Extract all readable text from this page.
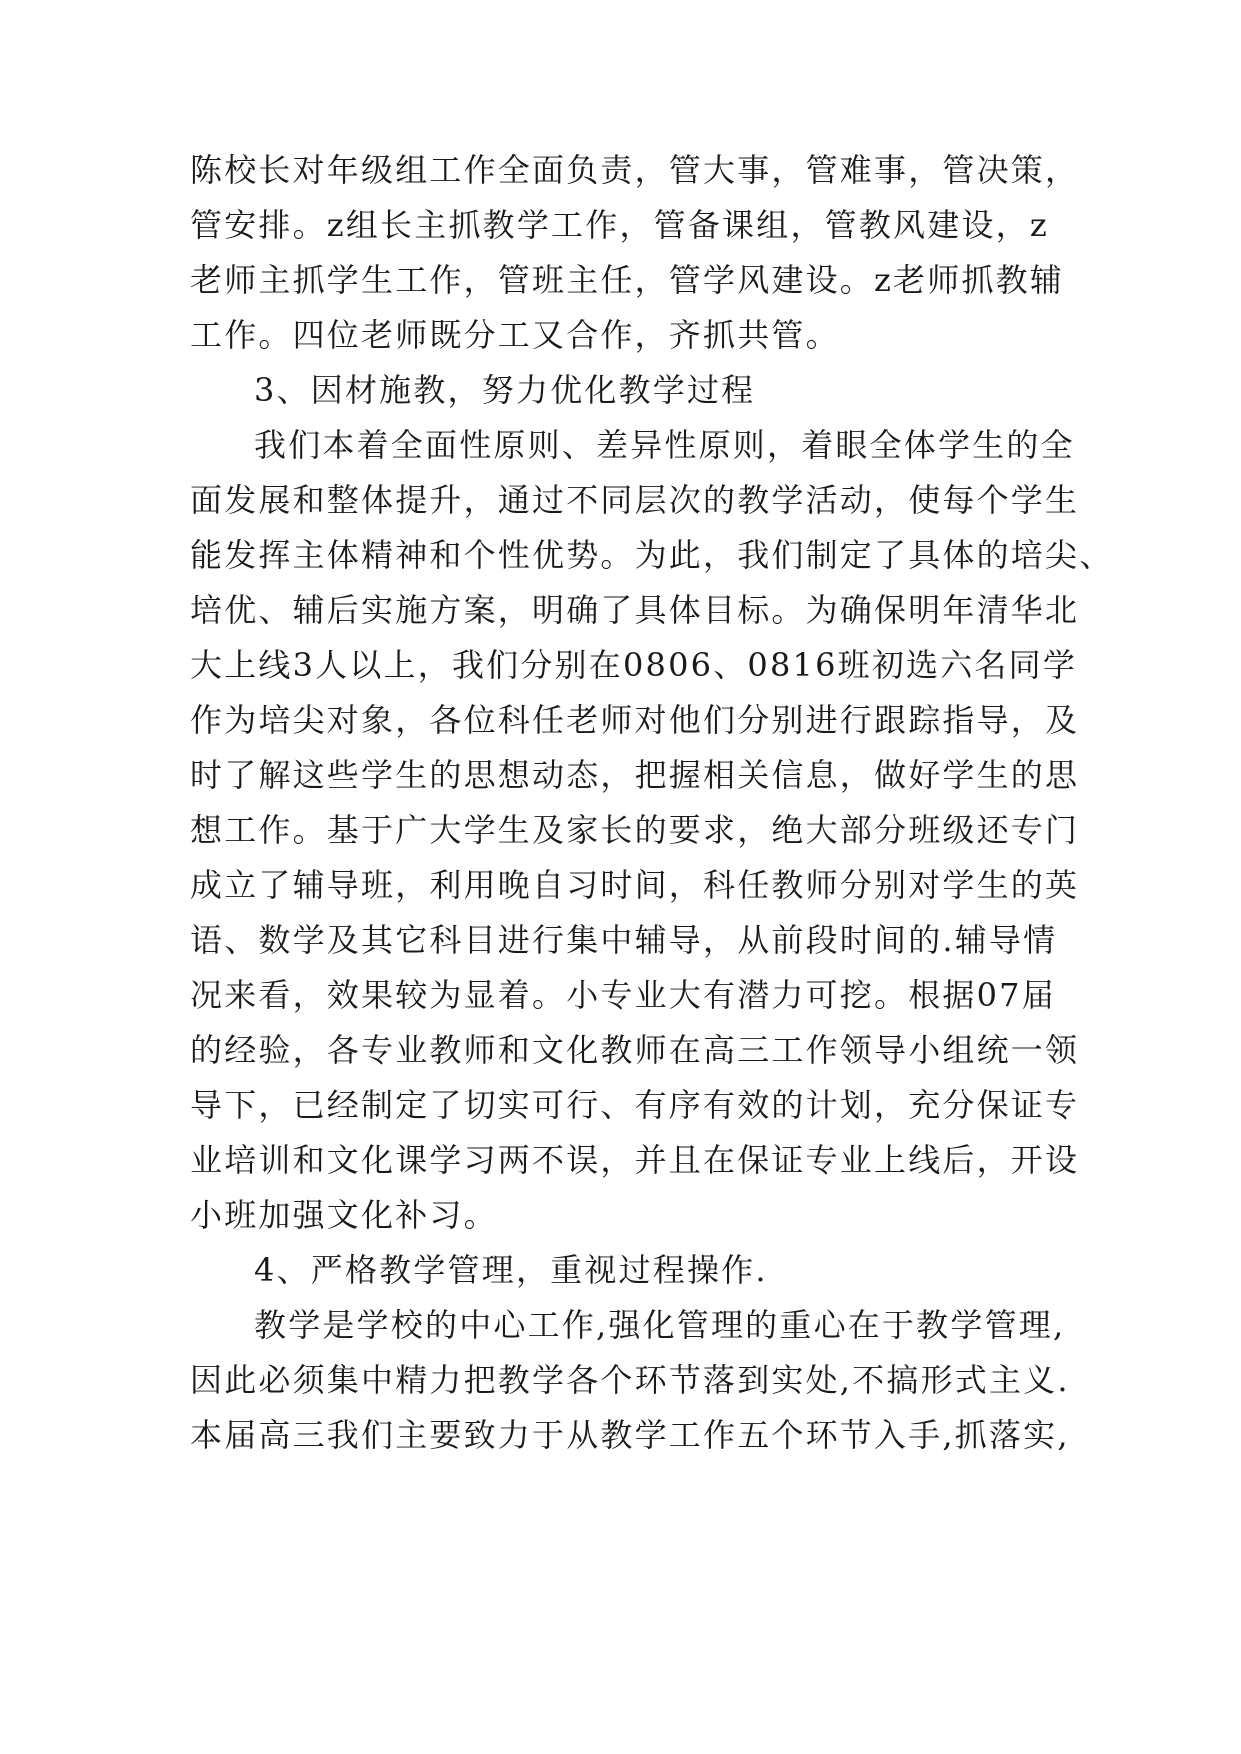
陈校长对年级组工作全面负责，管大事，管难事，管决策，
管安排。z组长主抓教学工作，管备课组，管教风建设，z
老师主抓学生工作，管班主任，管学风建设。z老师抓教辅
工作。四位老师既分工又合作，齐抓共管。
3、因材施教，努力优化教学过程
我们本着全面性原则、差异性原则，着眼全体学生的全
面发展和整体提升，通过不同层次的教学活动，使每个学生
能发挥主体精神和个性优势。为此，我们制定了具体的培尖、
培优、辅后实施方案，明确了具体目标。为确保明年清华北
大上线3人以上，我们分别在0806、0816班初选六名同学
作为培尖对象，各位科任老师对他们分别进行跟踪指导，及
时了解这些学生的思想动态，把握相关信息，做好学生的思
想工作。基于广大学生及家长的要求，绝大部分班级还专门
成立了辅导班，利用晚自习时间，科任教师分别对学生的英
语、数学及其它科目进行集中辅导，从前段时间的.辅导情
况来看，效果较为显着。小专业大有潜力可挖。根据07届
的经验，各专业教师和文化教师在高三工作领导小组统一领
导下，已经制定了切实可行、有序有效的计划，充分保证专
业培训和文化课学习两不误，并且在保证专业上线后，开设
小班加强文化补习。
4、严格教学管理，重视过程操作.
教学是学校的中心工作,强化管理的重心在于教学管理,
因此必须集中精力把教学各个环节落到实处,不搞形式主义.
本届高三我们主要致力于从教学工作五个环节入手,抓落实,
